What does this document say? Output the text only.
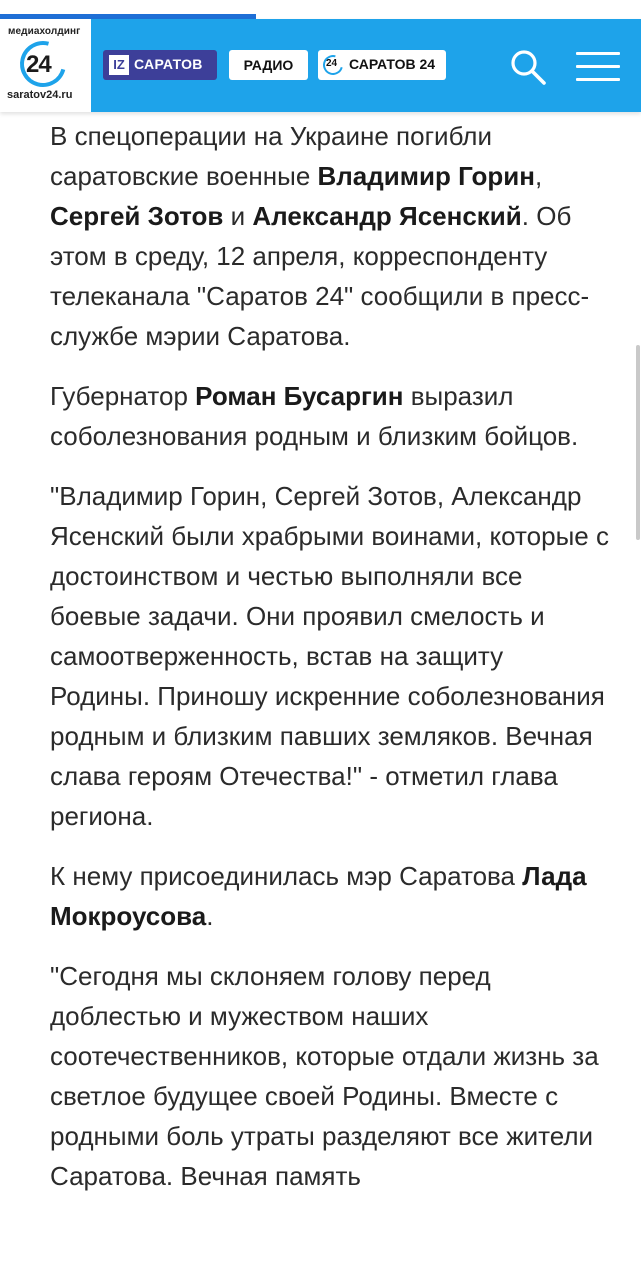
медиахолдинг
24
saratov24.ru
IZ САРАТОВ	РАДИО	24 САРАТОВ 24

В спецоперации на Украине погибли саратовские военные Владимир Горин, Сергей Зотов и Александр Ясенский. Об этом в среду, 12 апреля, корреспонденту телеканала "Саратов 24" сообщили в пресс-службе мэрии Саратова.

Губернатор Роман Бусаргин выразил соболезнования родным и близким бойцов.

"Владимир Горин, Сергей Зотов, Александр Ясенский были храбрыми воинами, которые с достоинством и честью выполняли все боевые задачи. Они проявил смелость и самоотверженность, встав на защиту Родины. Приношу искренние соболезнования родным и близким павших земляков. Вечная слава героям Отечества!" - отметил глава региона.

К нему присоединилась мэр Саратова Лада Мокроусова.

"Сегодня мы склоняем голову перед доблестью и мужеством наших соотечественников, которые отдали жизнь за светлое будущее своей Родины. Вместе с родными боль утраты разделяют все жители Саратова. Вечная память
